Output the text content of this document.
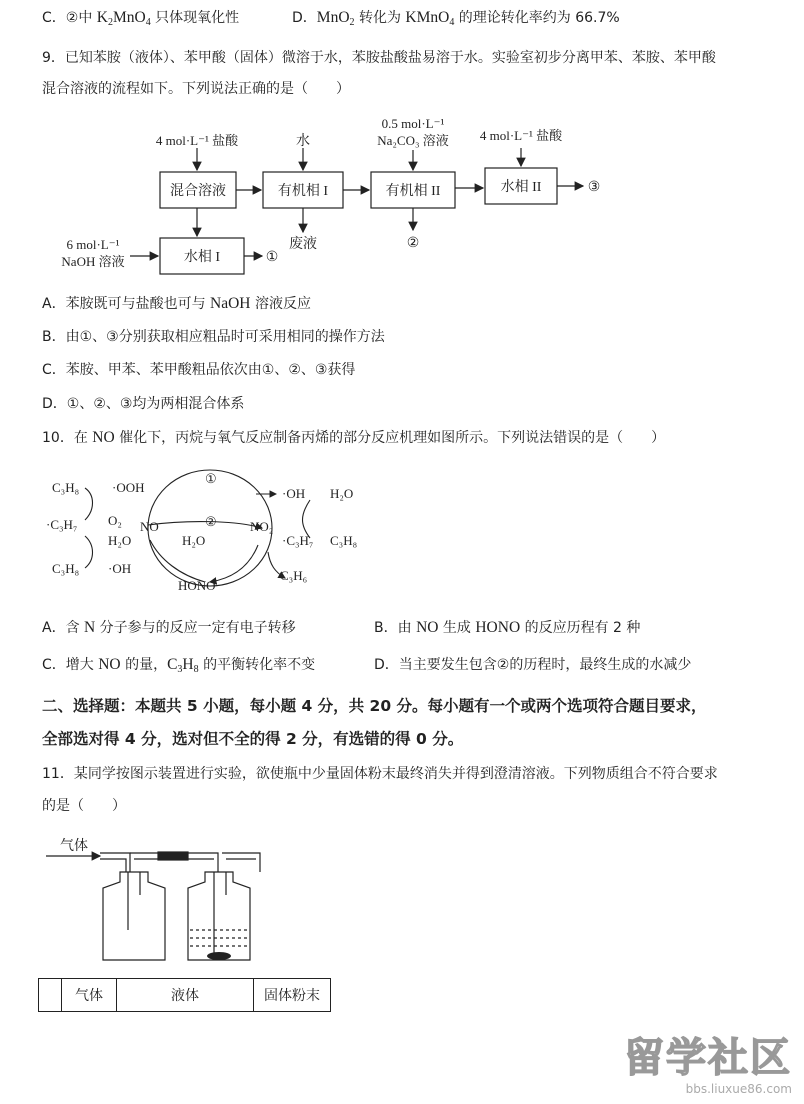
C．②中 $K_2MnO_4$ 只体现氧化性	D．MnO$_2$ 转化为 KMnO$_4$ 的理论转化率约为 66.7%
9．已知苯胺（液体）、苯甲酸（固体）微溶于水，苯胺盐酸盐易溶于水。实验室初步分离甲苯、苯胺、苯甲酸
混合溶液的流程如下。下列说法正确的是（　　）
混合溶液	有机相 I	有机相 II	水相 II
水相 I
4 mol·L⁻¹ 盐酸	水
0.5 mol·L⁻¹
Na₂CO₃ 溶液 4 mol·L⁻¹ 盐酸
6 mol·L⁻¹
NaOH 溶液	①
②
③
废液
A．苯胺既可与盐酸也可与 NaOH 溶液反应
B．由①、③分别获取相应粗品时可采用相同的操作方法
C．苯胺、甲苯、苯甲酸粗品依次由①、②、③获得
D．①、②、③均为两相混合体系
10．在 NO 催化下，丙烷与氧气反应制备丙烯的部分反应机理如图所示。下列说法错误的是（　　）
C₃H₈	·OOH
·C₃H₇ O₂
H₂O
C₃H₈ ·OH
NO
H₂O
HONO
NO₂
·OH H₂O
·C₃H₇ C₃H₈
C₃H₆
①
②
A．含 N 分子参与的反应一定有电子转移	B．由 NO 生成 HONO 的反应历程有 2 种
C．增大 NO 的量，$C_3H_8$ 的平衡转化率不变	D．当主要发生包含②的历程时，最终生成的水减少
二、选择题：本题共 5 小题，每小题 4 分，共 20 分。每小题有一个或两个选项符合题目要求，
全部选对得 4 分，选对但不全的得 2 分，有选错的得 0 分。
11．某同学按图示装置进行实验，欲使瓶中少量固体粉末最终消失并得到澄清溶液。下列物质组合不符合要求
的是（　　）
气体
	气体	液体	固体粉末
留学社区
bbs.liuxue86.com
